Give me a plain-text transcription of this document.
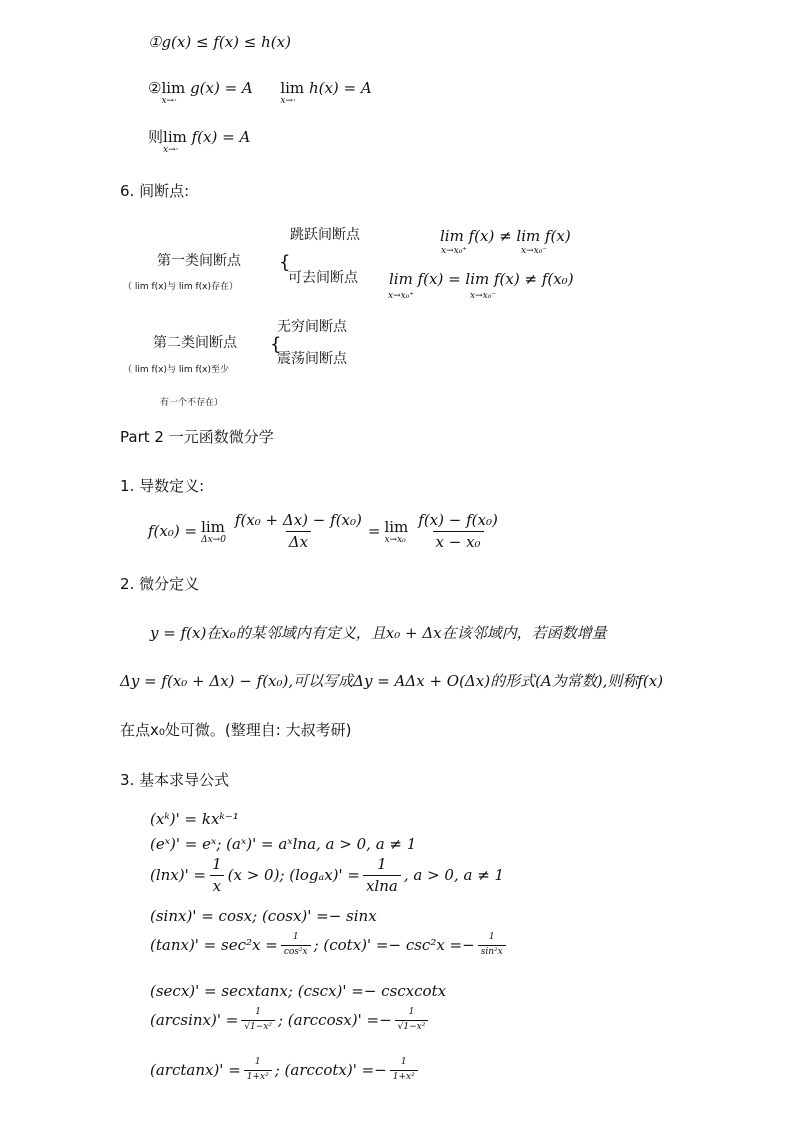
①g(x) ≤ f(x) ≤ h(x)
②lim
x→·
g(x) = A lim
x→·
h(x) = A
则lim
x→·
f(x) = A
6. 间断点:
第一类间断点
（ lim f(x)与 lim f(x)存在）
{
跳跃间断点
可去间断点
lim f(x) ≠ lim f(x)
x→x₀⁺	x→x₀⁻
lim f(x) = lim f(x) ≠ f(x₀)
x→x₀⁺	x→x₀⁻
第二类间断点
（ lim f(x)与 lim f(x)至少
有一个不存在）
{
无穷间断点
震荡间断点
Part 2 一元函数微分学
1. 导数定义:
f(x₀) = lim
$\Delta x\to 0 \frac{\text{f(x₀ + Δx) − f(x₀)}}{\Delta x} = \lim$
$x\to x_0 \frac{\text{f(x) − f(x₀)}}{\text{x − x₀}}$
2. 微分定义
y = f(x)在x₀的某邻域内有定义，且x₀ + Δx在该邻域内，若函数增量
Δy = f(x₀ + Δx) − f(x₀),可以写成Δy = AΔx + O(Δx)的形式(A为常数),则称f(x)
在点x₀处可微。(整理自: 大叔考研)
3. 基本求导公式
(xᵏ)' = kxᵏ⁻¹
(eˣ)' = eˣ; (aˣ)' = aˣlna, a > 0, a ≠ 1
$(\ln x)' = \frac{1}{x} (x > 0)$; $(\log_ax)' = \frac{1}{xlna}$ , a > 0, a ≠ 1
(sinx)' = cosx; (cosx)' =− sinx
$(\tan x)' = \sec^2x = \frac{1}{\text{cos²x}}$ ; $(\cot x)' =- \csc^2x =- \frac{1}{\text{sin²x}}$
(secx)' = secxtanx; (cscx)' =− cscxcotx
$(\arcsin x)' = \frac{1}{\text{√1−x²}}$ ; $(\arccos x)' =- \frac{1}{\text{√1−x²}}$
$(\arctan x)' = \frac{1}{\text{1+x²}}$ ; $(arccotx)' =- \frac{1}{\text{1+x²}}$
